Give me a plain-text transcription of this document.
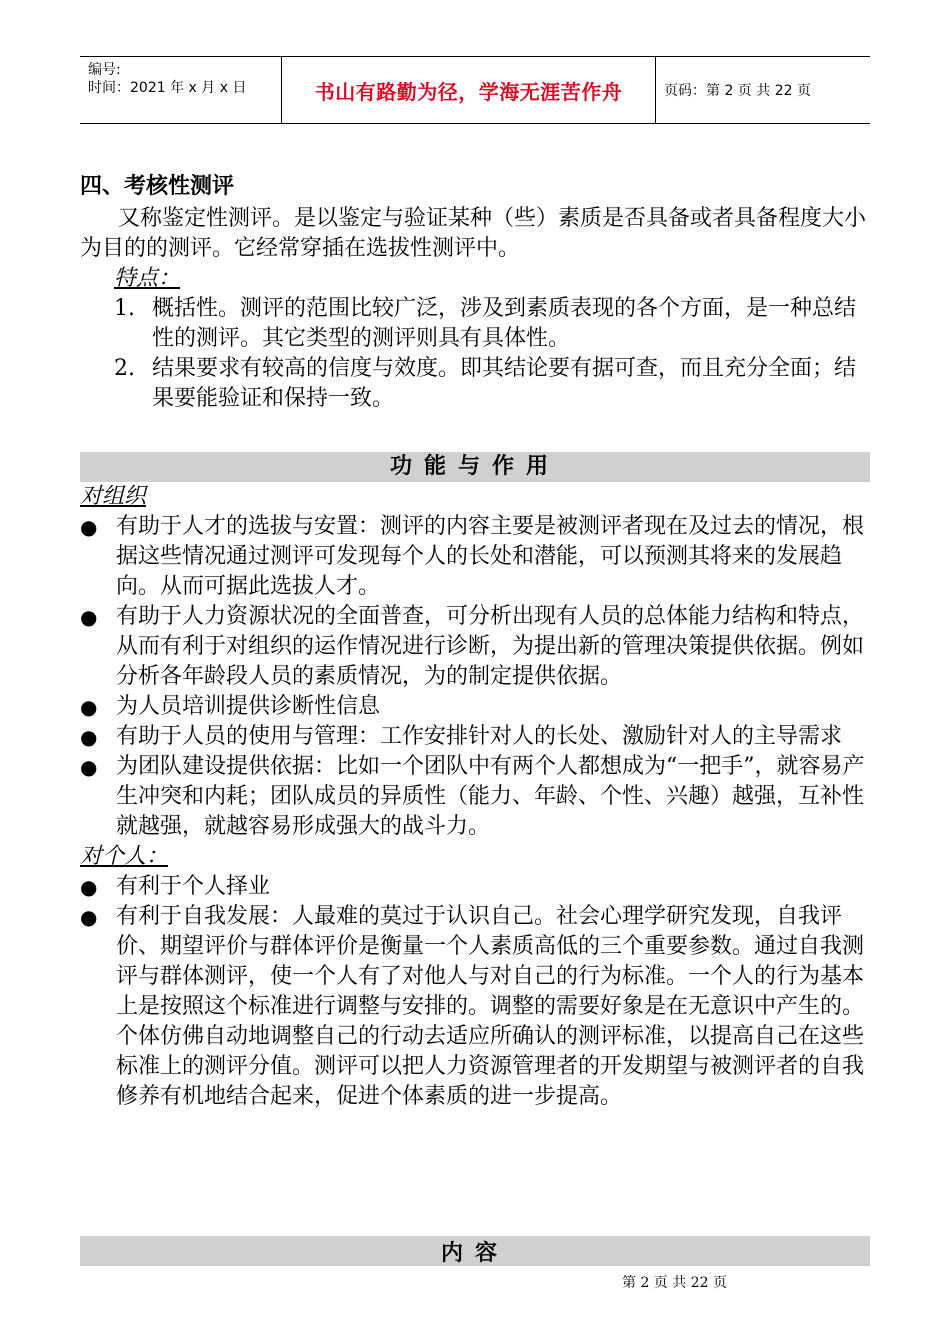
编号:
时间：2021 年 x 月 x 日	书山有路勤为径，学海无涯苦作舟	页码：第 2 页 共 22 页
四、考核性测评

又称鉴定性测评。是以鉴定与验证某种（些）素质是否具备或者具备程度大小为目的的测评。它经常穿插在选拔性测评中。

特点：

1. 概括性。测评的范围比较广泛，涉及到素质表现的各个方面，是一种总结性的测评。其它类型的测评则具有具体性。
2. 结果要求有较高的信度与效度。即其结论要有据可查，而且充分全面；结果要能验证和保持一致。
功能与作用

对组织

● 有助于人才的选拔与安置：测评的内容主要是被测评者现在及过去的情况，根据这些情况通过测评可发现每个人的长处和潜能，可以预测其将来的发展趋向。从而可据此选拔人才。
● 有助于人力资源状况的全面普查，可分析出现有人员的总体能力结构和特点，从而有利于对组织的运作情况进行诊断，为提出新的管理决策提供依据。例如分析各年龄段人员的素质情况，为的制定提供依据。
● 为人员培训提供诊断性信息
● 有助于人员的使用与管理：工作安排针对人的长处、激励针对人的主导需求
● 为团队建设提供依据：比如一个团队中有两个人都想成为“一把手”，就容易产生冲突和内耗；团队成员的异质性（能力、年龄、个性、兴趣）越强，互补性就越强，就越容易形成强大的战斗力。

对个人：

● 有利于个人择业
● 有利于自我发展：人最难的莫过于认识自己。社会心理学研究发现，自我评价、期望评价与群体评价是衡量一个人素质高低的三个重要参数。通过自我测评与群体测评，使一个人有了对他人与对自己的行为标准。一个人的行为基本上是按照这个标准进行调整与安排的。调整的需要好象是在无意识中产生的。个体仿佛自动地调整自己的行动去适应所确认的测评标准，以提高自己在这些标准上的测评分值。测评可以把人力资源管理者的开发期望与被测评者的自我修养有机地结合起来，促进个体素质的进一步提高。
内容
第 2 页 共 22 页
